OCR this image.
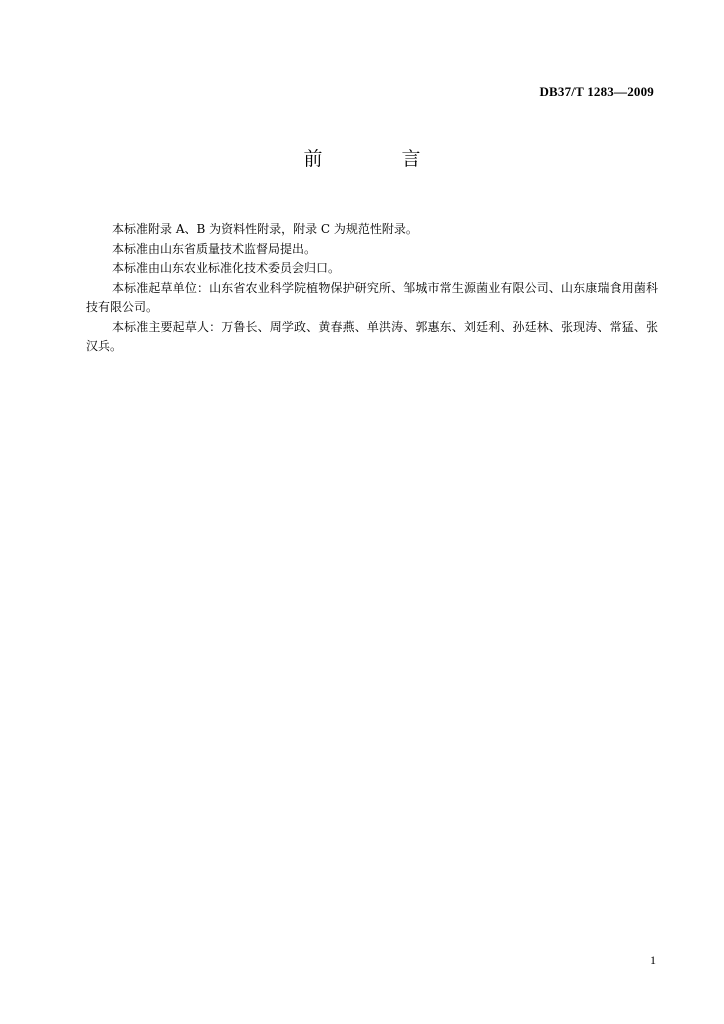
DB37/T 1283—2009
前　言

本标准附录 A、B 为资料性附录，附录 C 为规范性附录。

本标准由山东省质量技术监督局提出。

本标准由山东农业标准化技术委员会归口。

本标准起草单位：山东省农业科学院植物保护研究所、邹城市常生源菌业有限公司、山东康瑞食用菌科技有限公司。

本标准主要起草人：万鲁长、周学政、黄春燕、单洪涛、郭惠东、刘廷利、孙廷林、张现涛、常猛、张汉兵。

1
